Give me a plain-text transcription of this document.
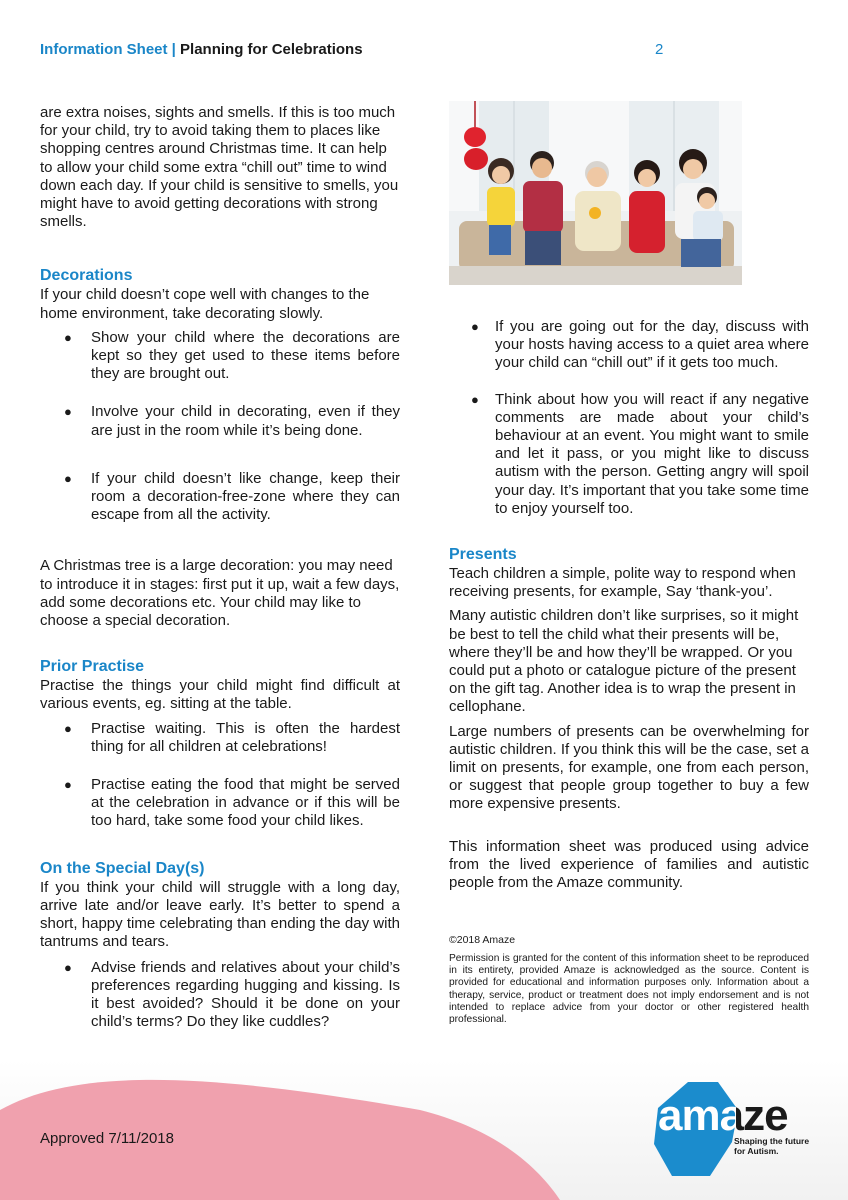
Information Sheet | Planning for Celebrations	2

are extra noises, sights and smells. If this is too much for your child, try to avoid taking them to places like shopping centres around Christmas time. It can help to allow your child some extra “chill out” time to wind down each day. If your child is sensitive to smells, you might have to avoid getting decorations with strong smells.

Decorations

If your child doesn’t cope well with changes to the home environment, take decorating slowly.

● Show your child where the decorations are kept so they get used to these items before they are brought out.
● Involve your child in decorating, even if they are just in the room while it’s being done.
● If your child doesn’t like change, keep their room a decoration-free-zone where they can escape from all the activity.

A Christmas tree is a large decoration: you may need to introduce it in stages: first put it up, wait a few days, add some decorations etc. Your child may like to choose a special decoration.

Prior Practise

Practise the things your child might find difficult at various events, eg. sitting at the table.

● Practise waiting. This is often the hardest thing for all children at celebrations!
● Practise eating the food that might be served at the celebration in advance or if this will be too hard, take some food your child likes.
On the Special Day(s)

If you think your child will struggle with a long day, arrive late and/or leave early. It’s better to spend a short, happy time celebrating than ending the day with tantrums and tears.

● Advise friends and relatives about your child’s preferences regarding hugging and kissing. Is it best avoided? Should it be done on your child’s terms? Do they like cuddles?
● If you are going out for the day, discuss with your hosts having access to a quiet area where your child can “chill out” if it gets too much.
● Think about how you will react if any negative comments are made about your child’s behaviour at an event. You might want to smile and let it pass, or you might like to discuss autism with the person. Getting angry will spoil your day. It’s important that you take some time to enjoy yourself too.
Presents

Teach children a simple, polite way to respond when receiving presents, for example, Say ‘thank-you’.

Many autistic children don’t like surprises, so it might be best to tell the child what their presents will be, where they’ll be and how they’ll be wrapped. Or you could put a photo or catalogue picture of the present on the gift tag. Another idea is to wrap the present in cellophane.

Large numbers of presents can be overwhelming for autistic children. If you think this will be the case, set a limit on presents, for example, one from each person, or suggest that people group together to buy a few more expensive presents.

This information sheet was produced using advice from the lived experience of families and autistic people from the Amaze community.

©2018 Amaze
Permission is granted for the content of this information sheet to be reproduced in its entirety, provided Amaze is acknowledged as the source. Content is provided for educational and information purposes only. Information about a therapy, service, product or treatment does not imply endorsement and is not intended to replace advice from your doctor or other registered health professional.
Approved 7/11/2018	amaze
Shaping the future
for Autism.
